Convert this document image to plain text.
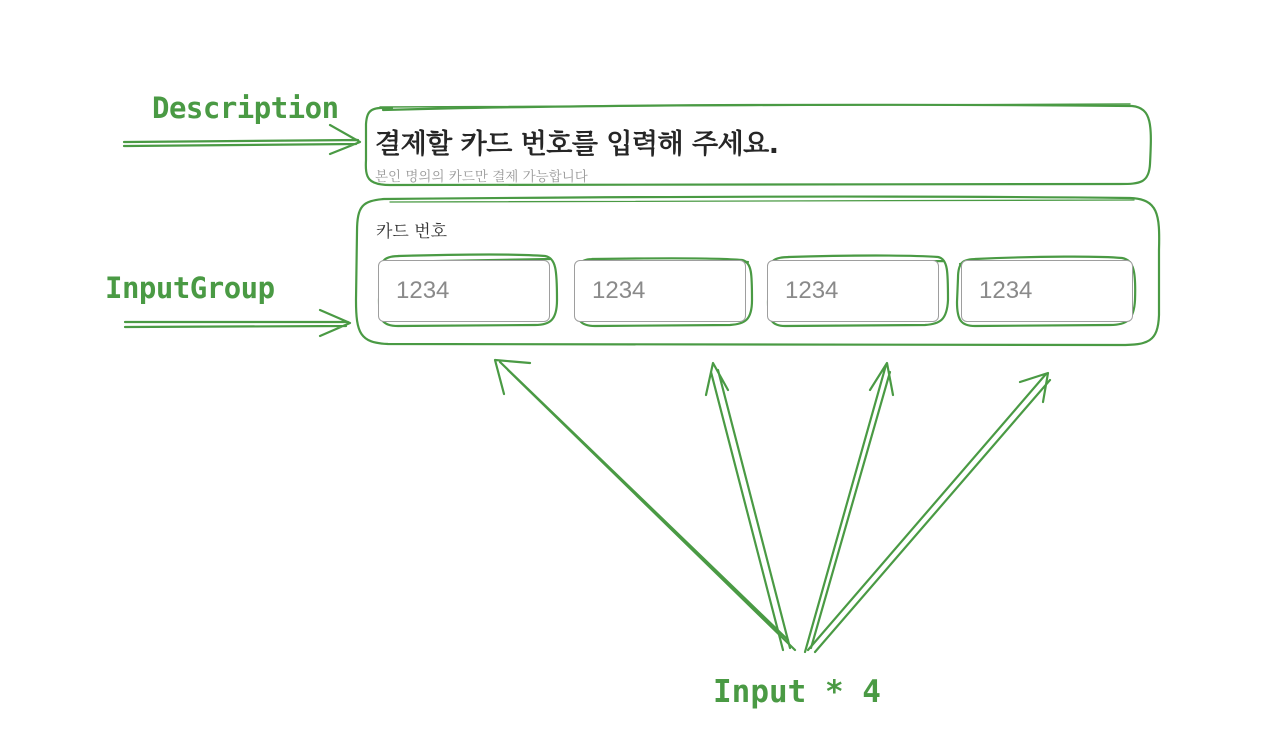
결제할 카드 번호를 입력해 주세요.
본인 명의의 카드만 결제 가능합니다
카드 번호
1234
1234
1234
1234
Description
InputGroup
Input * 4
